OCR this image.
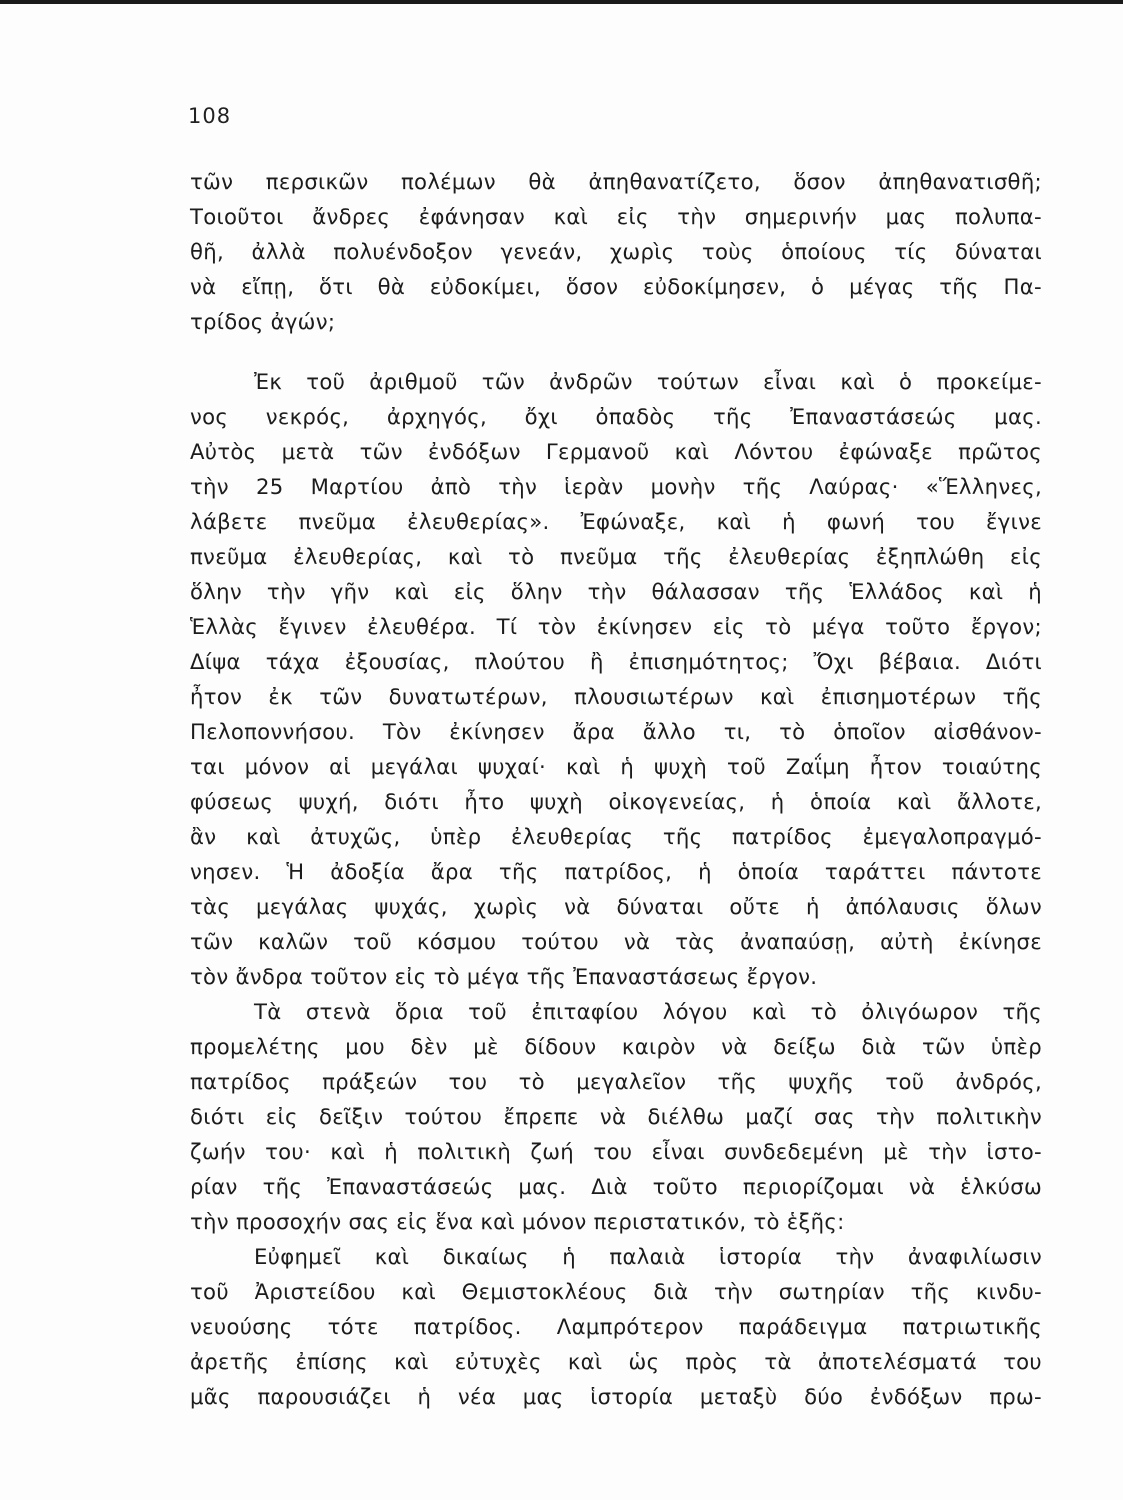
108
τῶν περσικῶν πολέμων θὰ ἀπηθανατίζετο, ὅσον ἀπηθανατισθῆ;
Τοιοῦτοι ἄνδρες ἐφάνησαν καὶ εἰς τὴν σημερινήν μας πολυπα-
θῆ, ἀλλὰ πολυένδοξον γενεάν, χωρὶς τοὺς ὁποίους τίς δύναται
νὰ εἴπῃ, ὅτι θὰ εὐδοκίμει, ὅσον εὐδοκίμησεν, ὁ μέγας τῆς Πα-
τρίδος ἀγών;
Ἐκ τοῦ ἀριθμοῦ τῶν ἀνδρῶν τούτων εἶναι καὶ ὁ προκείμε-
νος νεκρός, ἀρχηγός, ὄχι ὀπαδὸς τῆς Ἐπαναστάσεώς μας.
Αὐτὸς μετὰ τῶν ἐνδόξων Γερμανοῦ καὶ Λόντου ἐφώναξε πρῶτος
τὴν 25 Μαρτίου ἀπὸ τὴν ἱερὰν μονὴν τῆς Λαύρας· «Ἕλληνες,
λάβετε πνεῦμα ἐλευθερίας». Ἐφώναξε, καὶ ἡ φωνή του ἔγινε
πνεῦμα ἐλευθερίας, καὶ τὸ πνεῦμα τῆς ἐλευθερίας ἐξηπλώθη εἰς
ὅλην τὴν γῆν καὶ εἰς ὅλην τὴν θάλασσαν τῆς Ἑλλάδος καὶ ἡ
Ἑλλὰς ἔγινεν ἐλευθέρα. Τί τὸν ἐκίνησεν εἰς τὸ μέγα τοῦτο ἔργον;
Δίψα τάχα ἐξουσίας, πλούτου ἢ ἐπισημότητος; Ὄχι βέβαια. Διότι
ἦτον ἐκ τῶν δυνατωτέρων, πλουσιωτέρων καὶ ἐπισημοτέρων τῆς
Πελοποννήσου. Τὸν ἐκίνησεν ἄρα ἄλλο τι, τὸ ὁποῖον αἰσθάνον-
ται μόνον αἱ μεγάλαι ψυχαί· καὶ ἡ ψυχὴ τοῦ Ζαΐμη ἦτον τοιαύτης
φύσεως ψυχή, διότι ἦτο ψυχὴ οἰκογενείας, ἡ ὁποία καὶ ἄλλοτε,
ἂν καὶ ἀτυχῶς, ὑπὲρ ἐλευθερίας τῆς πατρίδος ἐμεγαλοπραγμό-
νησεν. Ἡ ἀδοξία ἄρα τῆς πατρίδος, ἡ ὁποία ταράττει πάντοτε
τὰς μεγάλας ψυχάς, χωρὶς νὰ δύναται οὔτε ἡ ἀπόλαυσις ὅλων
τῶν καλῶν τοῦ κόσμου τούτου νὰ τὰς ἀναπαύσῃ, αὐτὴ ἐκίνησε
τὸν ἄνδρα τοῦτον εἰς τὸ μέγα τῆς Ἐπαναστάσεως ἔργον.
Τὰ στενὰ ὅρια τοῦ ἐπιταφίου λόγου καὶ τὸ ὀλιγόωρον τῆς
προμελέτης μου δὲν μὲ δίδουν καιρὸν νὰ δείξω διὰ τῶν ὑπὲρ
πατρίδος πράξεών του τὸ μεγαλεῖον τῆς ψυχῆς τοῦ ἀνδρός,
διότι εἰς δεῖξιν τούτου ἔπρεπε νὰ διέλθω μαζί σας τὴν πολιτικὴν
ζωήν του· καὶ ἡ πολιτικὴ ζωή του εἶναι συνδεδεμένη μὲ τὴν ἱστο-
ρίαν τῆς Ἐπαναστάσεώς μας. Διὰ τοῦτο περιορίζομαι νὰ ἑλκύσω
τὴν προσοχήν σας εἰς ἕνα καὶ μόνον περιστατικόν, τὸ ἑξῆς:
Εὐφημεῖ καὶ δικαίως ἡ παλαιὰ ἱστορία τὴν ἀναφιλίωσιν
τοῦ Ἀριστείδου καὶ Θεμιστοκλέους διὰ τὴν σωτηρίαν τῆς κινδυ-
νευούσης τότε πατρίδος. Λαμπρότερον παράδειγμα πατριωτικῆς
ἀρετῆς ἐπίσης καὶ εὐτυχὲς καὶ ὡς πρὸς τὰ ἀποτελέσματά του
μᾶς παρουσιάζει ἡ νέα μας ἱστορία μεταξὺ δύο ἐνδόξων πρω-
